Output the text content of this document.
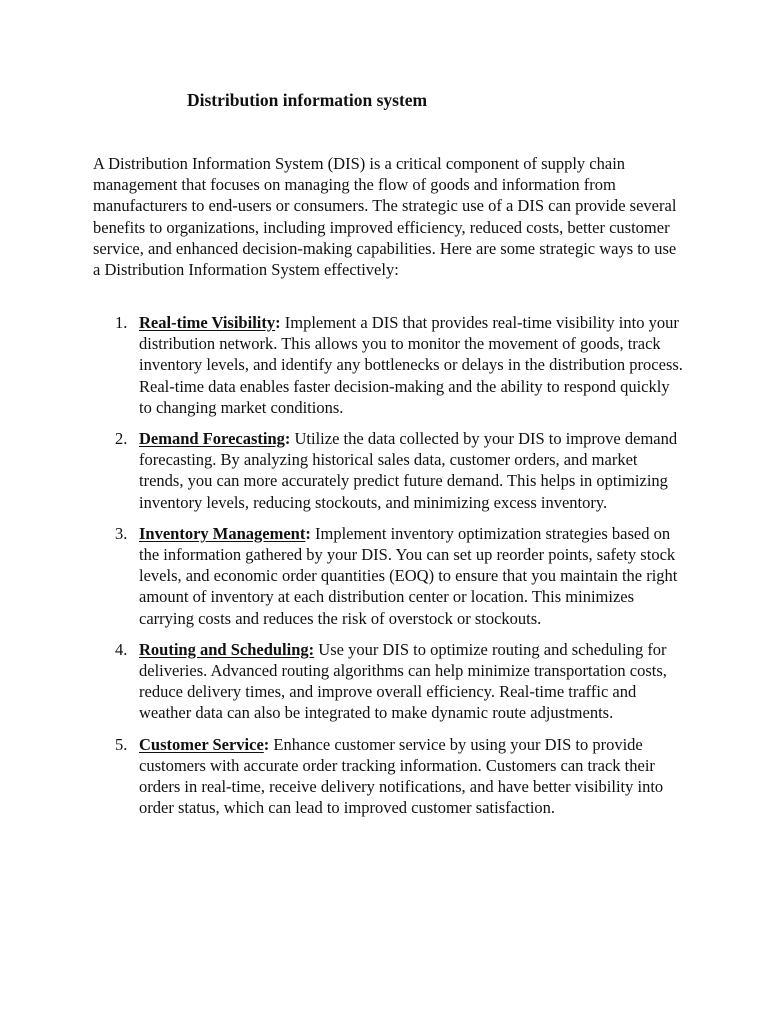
Distribution information system

A Distribution Information System (DIS) is a critical component of supply chain management that focuses on managing the flow of goods and information from manufacturers to end-users or consumers. The strategic use of a DIS can provide several benefits to organizations, including improved efficiency, reduced costs, better customer service, and enhanced decision-making capabilities. Here are some strategic ways to use a Distribution Information System effectively:

1. Real-time Visibility: Implement a DIS that provides real-time visibility into your distribution network. This allows you to monitor the movement of goods, track inventory levels, and identify any bottlenecks or delays in the distribution process. Real-time data enables faster decision-making and the ability to respond quickly to changing market conditions.
2. Demand Forecasting: Utilize the data collected by your DIS to improve demand forecasting. By analyzing historical sales data, customer orders, and market trends, you can more accurately predict future demand. This helps in optimizing inventory levels, reducing stockouts, and minimizing excess inventory.
3. Inventory Management: Implement inventory optimization strategies based on the information gathered by your DIS. You can set up reorder points, safety stock levels, and economic order quantities (EOQ) to ensure that you maintain the right amount of inventory at each distribution center or location. This minimizes carrying costs and reduces the risk of overstock or stockouts.
4. Routing and Scheduling: Use your DIS to optimize routing and scheduling for deliveries. Advanced routing algorithms can help minimize transportation costs, reduce delivery times, and improve overall efficiency. Real-time traffic and weather data can also be integrated to make dynamic route adjustments.
5. Customer Service: Enhance customer service by using your DIS to provide customers with accurate order tracking information. Customers can track their orders in real-time, receive delivery notifications, and have better visibility into order status, which can lead to improved customer satisfaction.
